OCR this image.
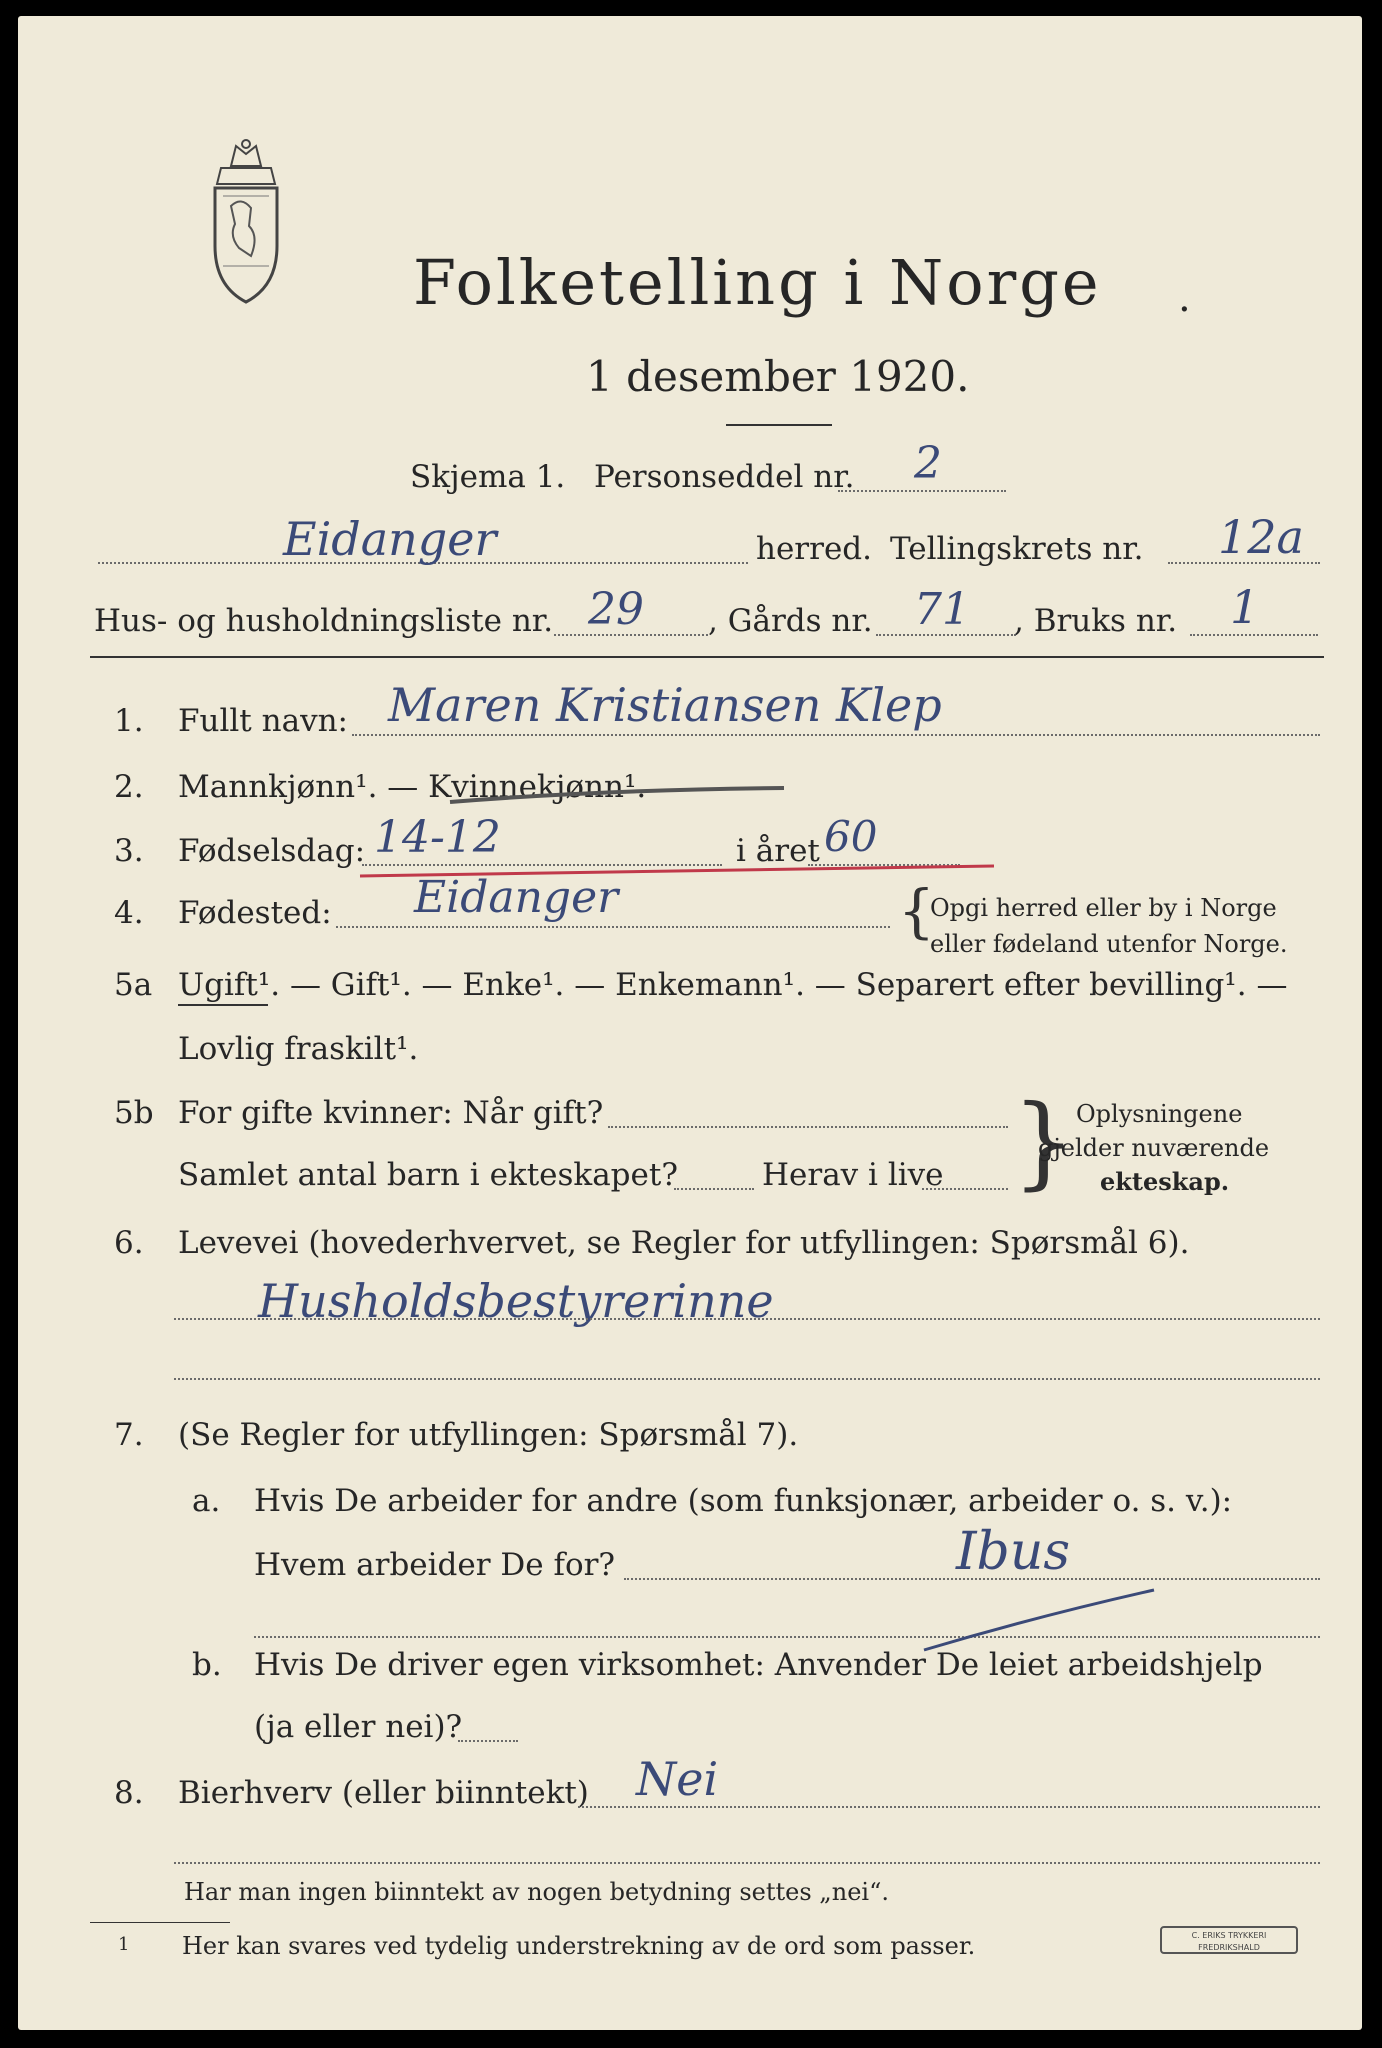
Folketelling i Norge .
1 desember 1920.
Skjema 1. Personseddel nr. 2
Eidanger	herred. Tellingskrets nr. 12a
Hus- og husholdningsliste nr. 29 , Gårds nr. 71 , Bruks nr. 1
1. Fullt navn: Maren Kristiansen Klep
2. Mannkjønn¹. — Kvinnekjønn¹.
3. Fødselsdag: 14-12	i året 60
4. Fødested: Eidanger	{
Opgi herred eller by i Norge
eller fødeland utenfor Norge.
5a Ugift¹. — Gift¹. — Enke¹. — Enkemann¹. — Separert efter bevilling¹. —
Lovlig fraskilt¹.
5b For gifte kvinner: Når gift?
Samlet antal barn i ekteskapet?	Herav i live } Oplysningene
gjelder nuværende
ekteskap.
6. Levevei (hovederhvervet, se Regler for utfyllingen: Spørsmål 6).
Husholdsbestyrerinne
7. (Se Regler for utfyllingen: Spørsmål 7).
a. Hvis De arbeider for andre (som funksjonær, arbeider o. s. v.):
Hvem arbeider De for?	Ibus
b. Hvis De driver egen virksomhet: Anvender De leiet arbeidshjelp
(ja eller nei)?
8. Bierhverv (eller biinntekt) Nei
Har man ingen biinntekt av nogen betydning settes „nei“.
1 Her kan svares ved tydelig understrekning av de ord som passer.	C. ERIKS TRYKKERI FREDRIKSHALD
